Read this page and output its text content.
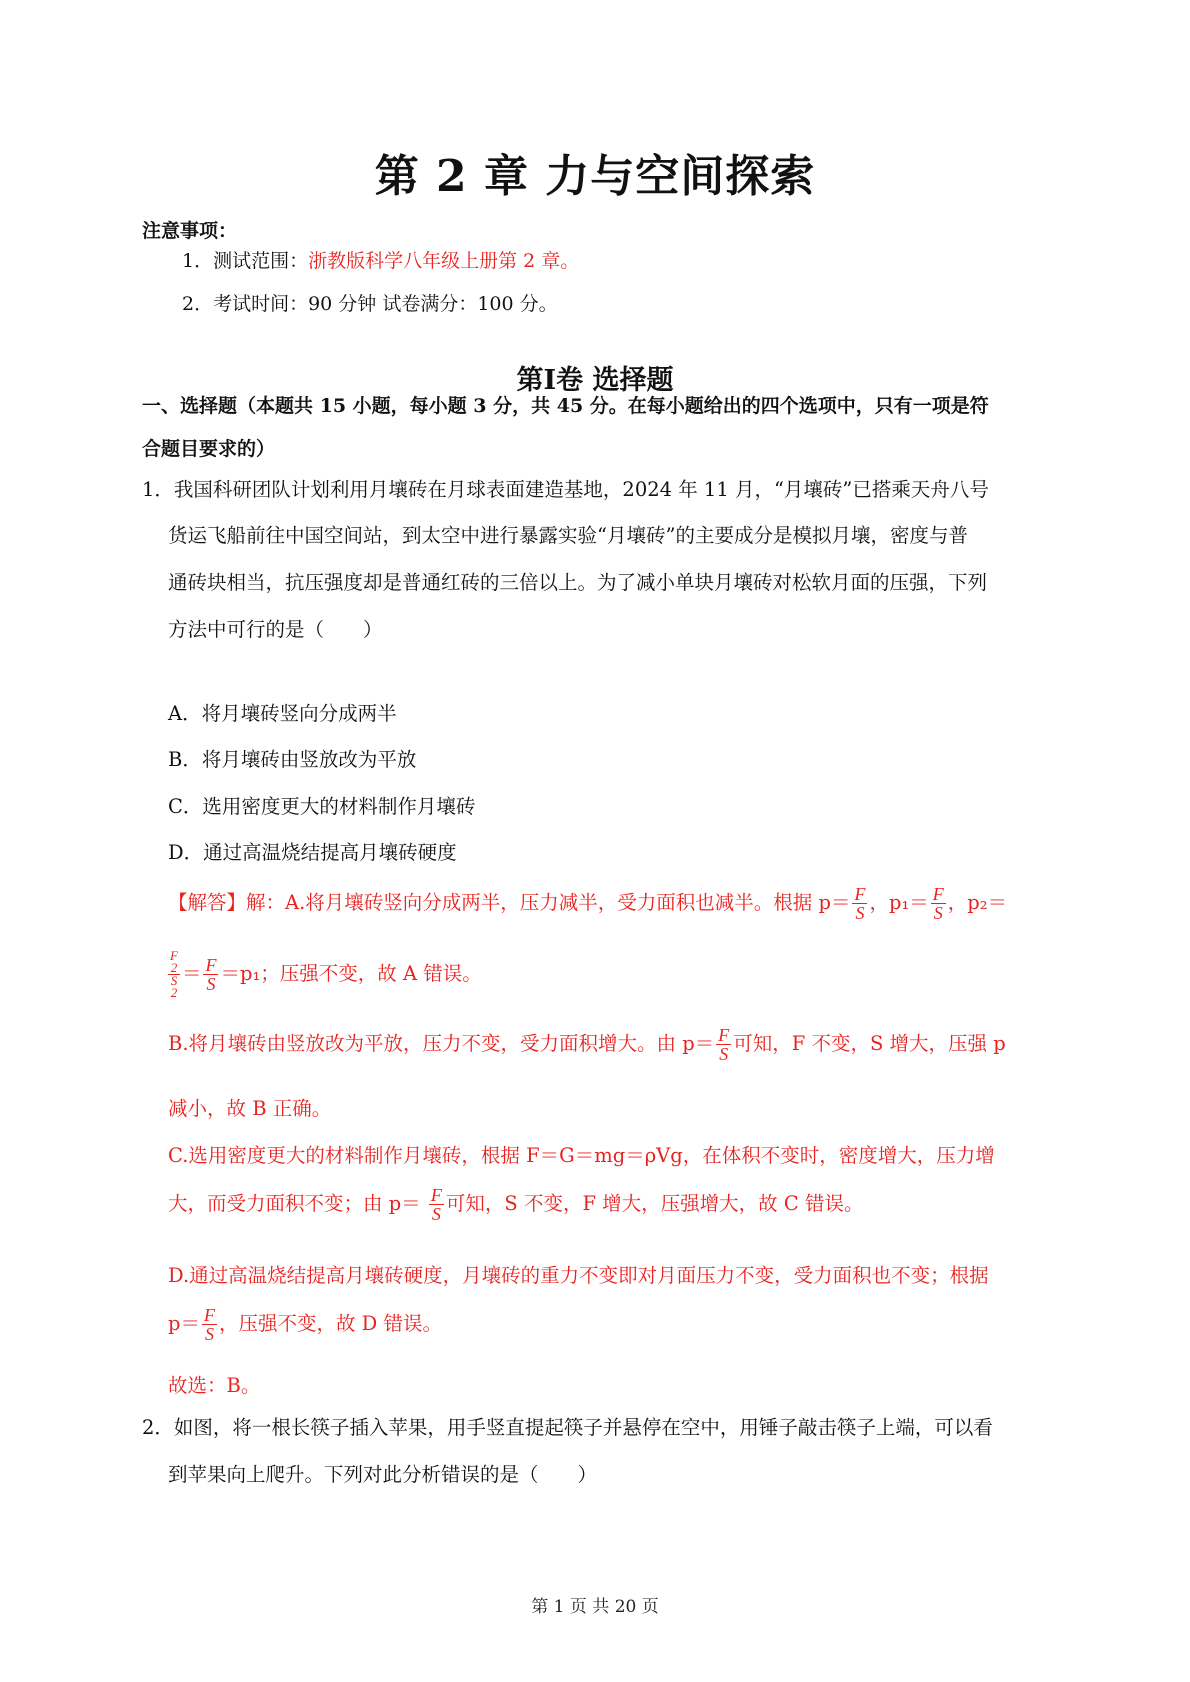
第 2 章 力与空间探索
注意事项：
1．测试范围：浙教版科学八年级上册第 2 章。
2．考试时间：90 分钟 试卷满分：100 分。
第Ⅰ卷 选择题
一、选择题（本题共 15 小题，每小题 3 分，共 45 分。在每小题给出的四个选项中，只有一项是符
合题目要求的）
1．我国科研团队计划利用月壤砖在月球表面建造基地，2024 年 11 月，“月壤砖”已搭乘天舟八号
货运飞船前往中国空间站，到太空中进行暴露实验“月壤砖”的主要成分是模拟月壤，密度与普
通砖块相当，抗压强度却是普通红砖的三倍以上。为了减小单块月壤砖对松软月面的压强，下列
方法中可行的是（　　）
A．将月壤砖竖向分成两半
B．将月壤砖由竖放改为平放
C．选用密度更大的材料制作月壤砖
D．通过高温烧结提高月壤砖硬度
【解答】解：A.将月壤砖竖向分成两半，压力减半，受力面积也减半。根据 $p= \frac{F}{S}$ ，$p_1= \frac{F}{S}$ ，p₂＝
F
2
S
$2 = \frac{F}{S} =p_1$；压强不变，故 A 错误。
B.将月壤砖由竖放改为平放，压力不变，受力面积增大。由 $p= \frac{F}{S}$ 可知，F 不变，S 增大，压强 p
减小，故 B 正确。
C.选用密度更大的材料制作月壤砖，根据 F＝G＝mg＝ρVg，在体积不变时，密度增大，压力增
大，而受力面积不变；由 $p= \frac{F}{S}$ 可知，S 不变，F 增大，压强增大，故 C 错误。
D.通过高温烧结提高月壤砖硬度，月壤砖的重力不变即对月面压力不变，受力面积也不变；根据
$p= \frac{F}{S}$ ，压强不变，故 D 错误。
故选：B。
2．如图，将一根长筷子插入苹果，用手竖直提起筷子并悬停在空中，用锤子敲击筷子上端，可以看
到苹果向上爬升。下列对此分析错误的是（　　）
第 1 页 共 20 页
